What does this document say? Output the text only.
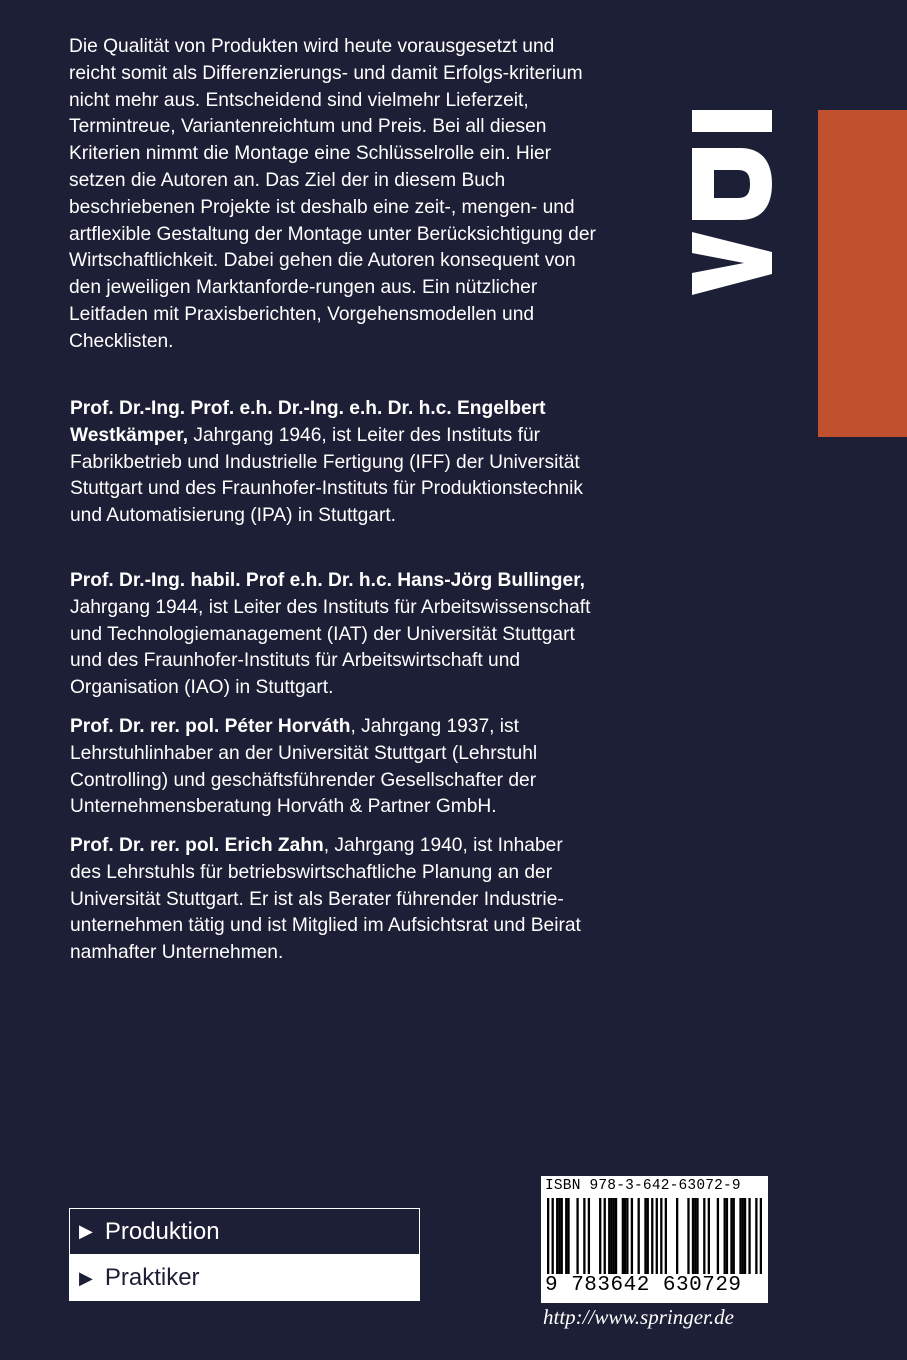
Die Qualität von Produkten wird heute vorausgesetzt und reicht somit als Differenzierungs- und damit Erfolgs-kriterium nicht mehr aus. Entscheidend sind vielmehr Lieferzeit, Termintreue, Variantenreichtum und Preis. Bei all diesen Kriterien nimmt die Montage eine Schlüsselrolle ein. Hier setzen die Autoren an. Das Ziel der in diesem Buch beschriebenen Projekte ist deshalb eine zeit-, mengen- und artflexible Gestaltung der Montage unter Berücksichtigung der Wirtschaftlichkeit. Dabei gehen die Autoren konsequent von den jeweiligen Marktanforde-rungen aus. Ein nützlicher Leitfaden mit Praxisberichten, Vorgehensmodellen und Checklisten.

Prof. Dr.-Ing. Prof. e.h. Dr.-Ing. e.h. Dr. h.c. Engelbert Westkämper, Jahrgang 1946, ist Leiter des Instituts für Fabrikbetrieb und Industrielle Fertigung (IFF) der Universität Stuttgart und des Fraunhofer-Instituts für Produktionstechnik und Automatisierung (IPA) in Stuttgart.

Prof. Dr.-Ing. habil. Prof e.h. Dr. h.c. Hans-Jörg Bullinger, Jahrgang 1944, ist Leiter des Instituts für Arbeitswissenschaft und Technologiemanagement (IAT) der Universität Stuttgart und des Fraunhofer-Instituts für Arbeitswirtschaft und Organisation (IAO) in Stuttgart.

Prof. Dr. rer. pol. Péter Horváth, Jahrgang 1937, ist Lehrstuhlinhaber an der Universität Stuttgart (Lehrstuhl Controlling) und geschäftsführender Gesellschafter der Unternehmensberatung Horváth & Partner GmbH.

Prof. Dr. rer. pol. Erich Zahn, Jahrgang 1940, ist Inhaber des Lehrstuhls für betriebswirtschaftliche Planung an der Universität Stuttgart. Er ist als Berater führender Industrie-unternehmen tätig und ist Mitglied im Aufsichtsrat und Beirat namhafter Unternehmen.

▶ Produktion
▶ Praktiker
ISBN 978-3-642-63072-9
9 783642 630729
http://www.springer.de
